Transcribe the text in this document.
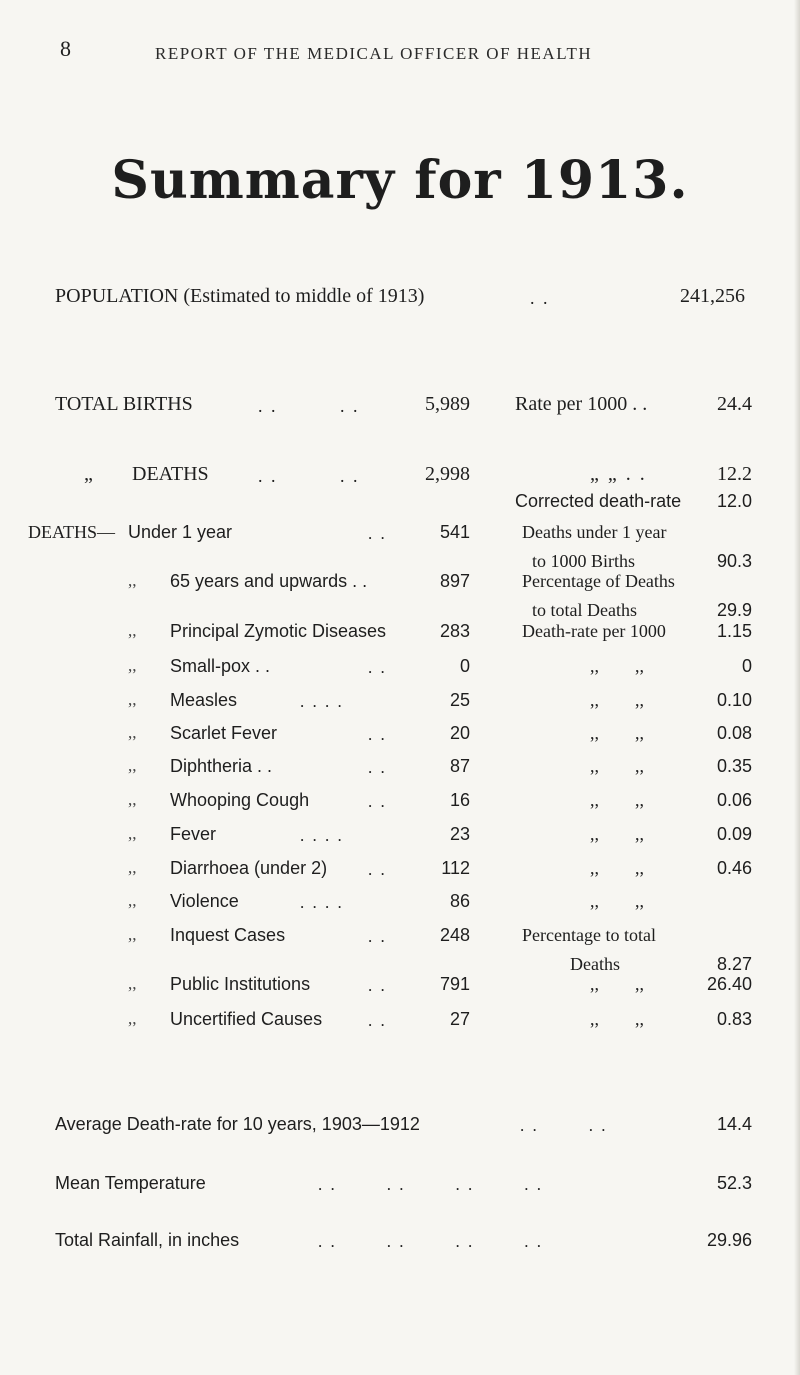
8	REPORT OF THE MEDICAL OFFICER OF HEALTH
Summary for 1913.
POPULATION (Estimated to middle of 1913)	. .	241,256
TOTAL BIRTHS	. .	. .	5,989 Rate per 1000 . .	24.4
„ DEATHS	. .	. .	2,998	„ „ . .	12.2
Corrected death-rate 12.0
DEATHS— Under 1 year	. .	541	Deaths under 1 year
to 1000 Births	90.3
,, 65 years and upwards . .	897	Percentage of Deaths
to total Deaths	29.9
,, Principal Zymotic Diseases	283	Death-rate per 1000	1.15
,, Small-pox . .	. .	0	,,        ,,	0
,, Measles	. . . .	25	,,        ,,	0.10
,, Scarlet Fever	. .	20	,,        ,,	0.08
,, Diphtheria . .	. .	87	,,        ,,	0.35
,, Whooping Cough	. .	16	,,        ,,	0.06
,, Fever	. . . .	23	,,        ,,	0.09
,, Diarrhoea (under 2) . .	112	,,        ,,	0.46
,, Violence	. . . .	86	,,        ,,
,, Inquest Cases	. .	248	Percentage to total
Deaths	8.27
,, Public Institutions	. .	791	,,        ,,	26.40
,, Uncertified Causes	. .	27	,,        ,,	0.83
Average Death-rate for 10 years, 1903—1912	. .        . .	14.4
Mean Temperature	. .        . .        . .        . .	52.3
Total Rainfall, in inches	. .        . .        . .        . .	29.96
